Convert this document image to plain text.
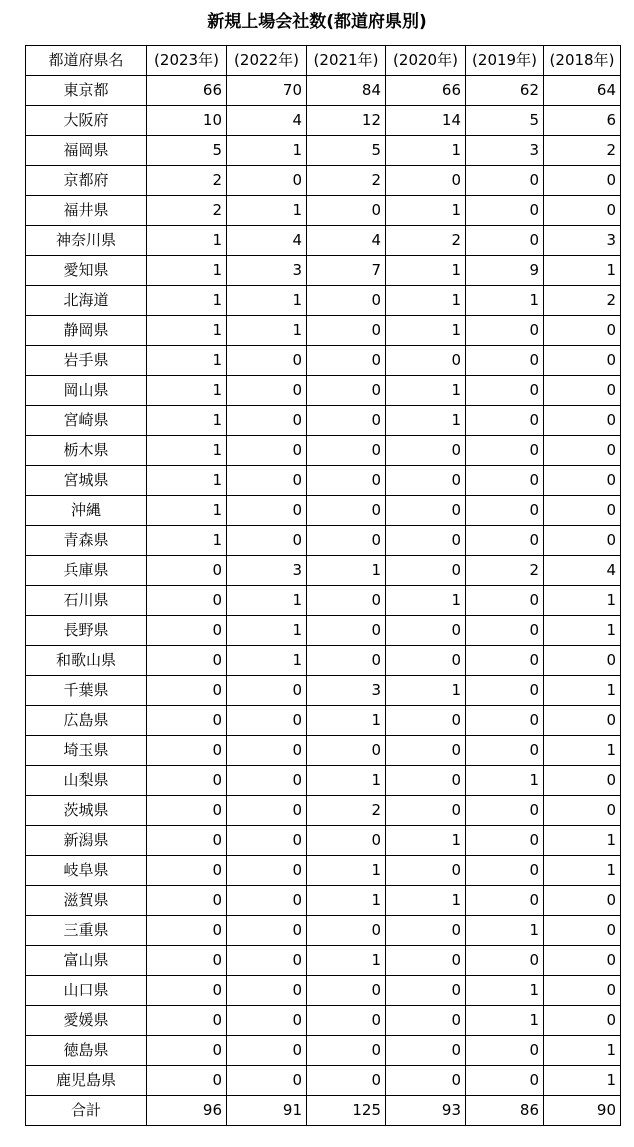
新規上場会社数(都道府県別)
都道府県名	(2023年)	(2022年)	(2021年)	(2020年)	(2019年)	(2018年)
東京都	66	70	84	66	62	64
大阪府	10	4	12	14	5	6
福岡県	5	1	5	1	3	2
京都府	2	0	2	0	0	0
福井県	2	1	0	1	0	0
神奈川県	1	4	4	2	0	3
愛知県	1	3	7	1	9	1
北海道	1	1	0	1	1	2
静岡県	1	1	0	1	0	0
岩手県	1	0	0	0	0	0
岡山県	1	0	0	1	0	0
宮崎県	1	0	0	1	0	0
栃木県	1	0	0	0	0	0
宮城県	1	0	0	0	0	0
沖縄	1	0	0	0	0	0
青森県	1	0	0	0	0	0
兵庫県	0	3	1	0	2	4
石川県	0	1	0	1	0	1
長野県	0	1	0	0	0	1
和歌山県	0	1	0	0	0	0
千葉県	0	0	3	1	0	1
広島県	0	0	1	0	0	0
埼玉県	0	0	0	0	0	1
山梨県	0	0	1	0	1	0
茨城県	0	0	2	0	0	0
新潟県	0	0	0	1	0	1
岐阜県	0	0	1	0	0	1
滋賀県	0	0	1	1	0	0
三重県	0	0	0	0	1	0
富山県	0	0	1	0	0	0
山口県	0	0	0	0	1	0
愛媛県	0	0	0	0	1	0
徳島県	0	0	0	0	0	1
鹿児島県	0	0	0	0	0	1
合計	96	91	125	93	86	90
